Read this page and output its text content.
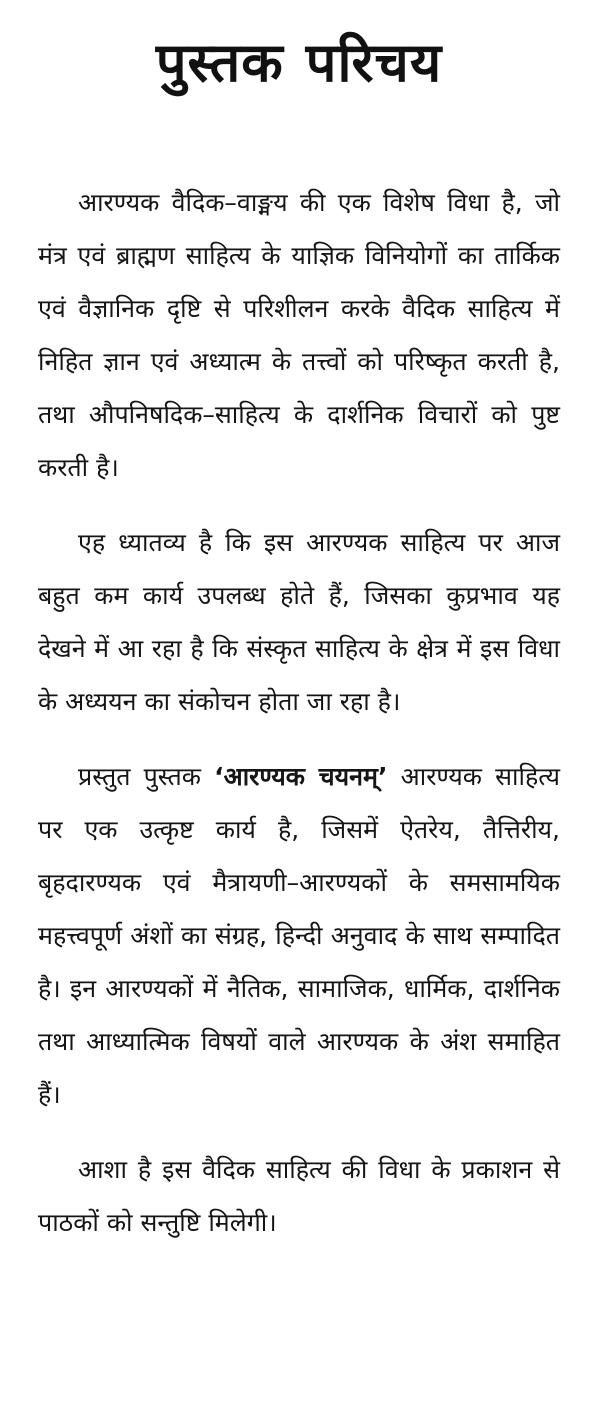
पुस्तक परिचय

आरण्यक वैदिक–वाङ्मय की एक विशेष विधा है, जो मंत्र एवं ब्राह्मण साहित्य के याज्ञिक विनियोगों का तार्किक एवं वैज्ञानिक दृष्टि से परिशीलन करके वैदिक साहित्य में निहित ज्ञान एवं अध्यात्म के तत्त्वों को परिष्कृत करती है, तथा औपनिषदिक–साहित्य के दार्शनिक विचारों को पुष्ट करती है।

एह ध्यातव्य है कि इस आरण्यक साहित्य पर आज बहुत कम कार्य उपलब्ध होते हैं, जिसका कुप्रभाव यह देखने में आ रहा है कि संस्कृत साहित्य के क्षेत्र में इस विधा के अध्ययन का संकोचन होता जा रहा है।

प्रस्तुत पुस्तक ‘आरण्यक चयनम्’ आरण्यक साहित्य पर एक उत्कृष्ट कार्य है, जिसमें ऐतरेय, तैत्तिरीय, बृहदारण्यक एवं मैत्रायणी–आरण्यकों के समसामयिक महत्त्वपूर्ण अंशों का संग्रह, हिन्दी अनुवाद के साथ सम्पादित है। इन आरण्यकों में नैतिक, सामाजिक, धार्मिक, दार्शनिक तथा आध्यात्मिक विषयों वाले आरण्यक के अंश समाहित हैं।

आशा है इस वैदिक साहित्य की विधा के प्रकाशन से पाठकों को सन्तुष्टि मिलेगी।
